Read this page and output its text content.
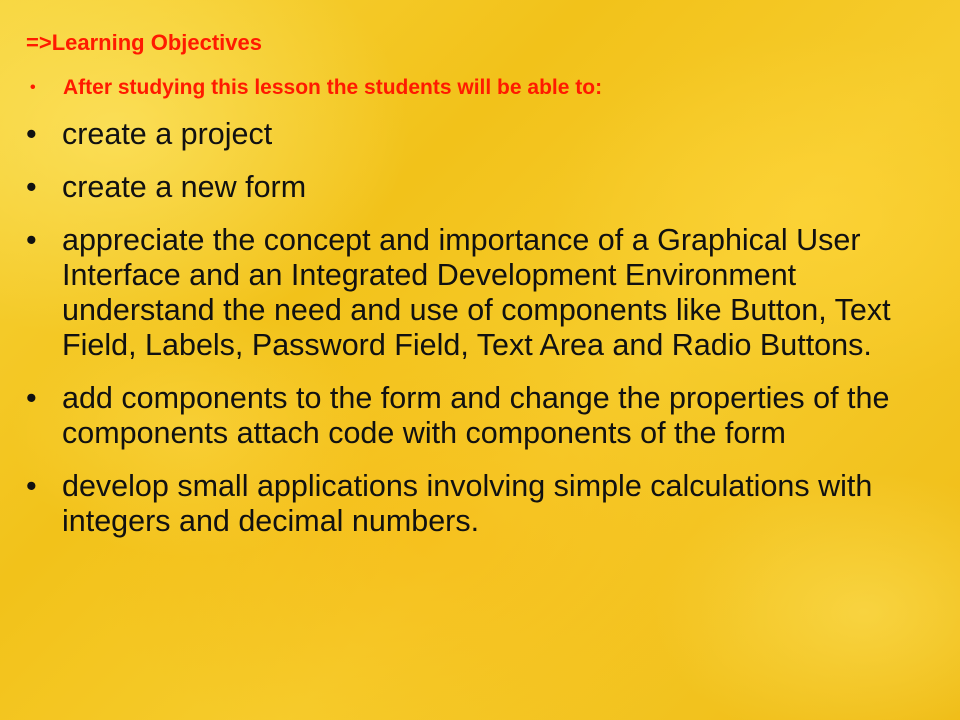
=>Learning Objectives
• After studying this lesson the students will be able to:
• create a project
• create a new form
• appreciate the concept and importance of a Graphical User Interface and an Integrated Development Environment understand the need and use of components like Button, Text Field, Labels, Password Field, Text Area and Radio Buttons.
• add components to the form and change the properties of the components attach code with components of the form
• develop small applications involving simple calculations with integers and decimal numbers.
